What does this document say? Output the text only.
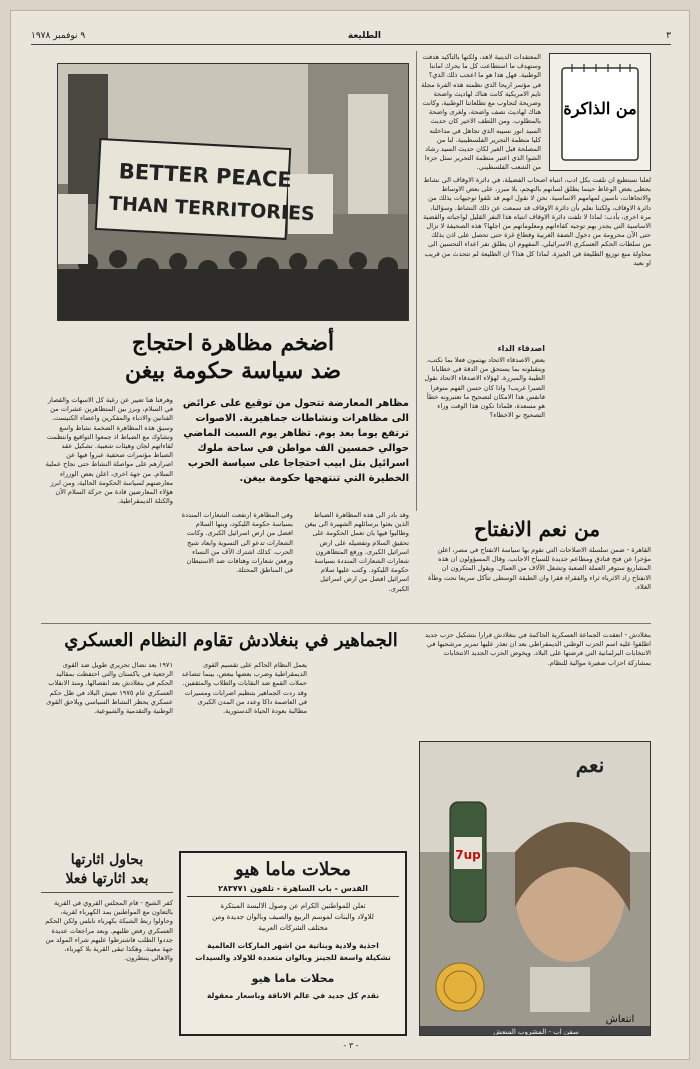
٣
الطليعة
٩ نوفمبر ١٩٧٨
BETTER PEACE
THAN TERRITORIES
من الذاكرة

لعلنا نستطيع ان نلفت بكل ادب، انتباه اصحاب الفضيلة، في دائرة الاوقاف الى نشاط يحظى بعض الوعاظ حينما يطلق لسانهم بالتهجم، بلا مبرر، على بعض الاوساط والاتجاهات، ناسين لمهامهم الاساسية. نحن لا نقول انهم قد تلقوا توجيهات بذلك من دائرة الاوقاف، ولكننا نعلم بأن دائرة الاوقاف قد سمعت عن ذلك النشاط. وسؤالنا، مرة اخرى، بأدب: لماذا لا تلفت دائرة الاوقاف انتباه هذا النفر القليل لواجباته والقضية الاساسية التي يجدر بهم توجيه كفاءاتهم ومعلوماتهم من اجلها؟ هذه الصحيفة لا تزال حتى الآن محرومة من دخول الضفة الغربية وقطاع غزة حتى تحصل على اذن بذلك من سلطات الحكم العسكري الاسرائيلي. المفهوم ان يطلق نفر اعداء التحسين الى محاولة منع توزيع الطليعة في الجيزة. لماذا كل هذا؟ ان الطليعة لم تتحدث من قريب او بعيد

المعتقدات الدينية لاهد، ولكنها بالتأكيد هدفت وستهدف ما استطاعت كل ما يحرك اماننا الوطنية. فهل هذا هو ما اعجب ذلك الذي؟ في مؤتمر اريحا الذي نظمته هذه الفرة مجلة تايم الامريكية كانت هناك لهاديث واضحة وصريحة لتجاوب مع تطلعاتنا الوطنية، وكانت هناك لهاديث نصف واضحة، ولغرى واضحة بالمطلوب. ومن اللطف الاخير كان حديث السيد انور نسيبه الذي تجاهل في مداخلته كليا منظمة التحرير الفلسطينية. لنا من المصلحة قبل الغير لكان حديث السيد رشاد الشوا الذي اعتبر منظمة التحرير تمثل جزءا من الشعب الفلسطيني.

أضخم مظاهرة احتجاج
ضد سياسة حكومة بيغن

مظاهر المعارضة تتحول من توقيع على عرائض الى مظاهرات ونشاطات جماهيرية. الاصوات ترتفع يوما بعد يوم. تظاهر يوم السبت الماضي حوالي خمسين الف مواطن في ساحة ملوك اسرائيل بتل ابيب احتجاجا على سياسة الحرب الخطيرة التي تنتهجها حكومة بيغن.

وهرفنا هنا تعبير عن رغبة كل الاسهات والقصار في السلام، وبرز بين المتظاهرين عشرات من الفنانين والادباء والمفكرين واعضاء الكنيست. وسبق هذه المظاهرة الضخمة نشاط واسع وتشاوك مع الضباط اذ جمعوا التواقيع وانتظمت لقاءاتهم لجان وهيئات شعبية. تشكيل عقد الضباط مؤتمرات صحفية عبروا فيها عن اصرارهم على مواصلة النشاط حتى نجاح عملية السلام. من جهة اخرى، اعلن بعض الوزراء معارضتهم لسياسة الحكومة الحالية، ومن ابرز هؤلاء المعارضين قادة من حركة السلام الآن والكتلة الديمقراطية.

وقد بادر الى هذه المظاهرة الضباط الذين بعثوا برسائلهم الشهيرة الى بيغن وطالبوا فيها بان تعمل الحكومة على تحقيق السلام وتفضيله على ارض اسرائيل الكبرى. ورفع المتظاهرون شعارات الشعارات المنددة بسياسة حكومة الليكود. وكتب عليها سلام اسرائيل افضل من ارض اسرائيل الكبرى.

وفي المظاهرة ارتفعت الشعارات المنددة بسياسة حكومة الليكود، وبنها السلام افضل من ارض اسرائيل الكبرى. وكانت الشعارات تدعو الى التسوية وابعاد شبح الحرب. كذلك اشترك الآف من النساء ورفعن شعارات وهتافات ضد الاستيطان في المناطق المحتلة.

من نعم الانفتاح

القاهرة - ضمن سلسلة الاصلاحات التي تقوم بها سياسة الانفتاح في مصر، اعلن مؤخرا عن فتح فنادق ومطاعم جديدة للسياح الاجانب. وقال المسؤولون ان هذه المشاريع ستوفر العملة الصعبة وتشغل الآلاف من العمال. ويقول المتكرون ان الانفتاح زاد الاثرياء ثراء والفقراء فقرا وان الطبقة الوسطى تتآكل سريعا تحت وطأة الغلاء.

اصدقاء الداء

بعض الاصدقاء الاتحاد يهتمون فعلا بما نكتب، ويتقبلونه بما يستحق من الدقة في خطايانا الطيبة والمبررة. لهؤلاء الاصدقاء الاتحاد نقول الصبرا غريب! واذا كان حسن الفهم متوفرا فانفس هذا الامكان لتصحيح ما تعتبرونه خطأ هو مسعدة، فلماذا تكون هذا الوقت وراء التصحيح نو الاخطاء؟

الجماهير في بنغلادش تقاوم النظام العسكري	بنغلادش - انعقدت الجماعة العسكرية الحاكمة في بنغلادش قرارا بتشكيل حزب جديد اطلقوا عليه اسم الحزب الوطني الديمقراطي بعد ان تعذر عليها تمرير مرشحيها في الانتخابات البرلمانية التي فرضتها على البلاد. ويخوض الحزب الجديد الانتخابات بمشاركة احزاب صغيرة موالية للنظام.

يعمل النظام الحاكم على تقسيم القوى الديمقراطية وضرب بعضها ببعض، بينما تتصاعد حملات القمع ضد النقابات والطلاب والمثقفين. وقد ردت الجماهير بتنظيم اضرابات ومسيرات في العاصمة داكا وعدد من المدن الكبرى مطالبة بعودة الحياة الدستورية.

١٩٧١ بعد نضال تحريري طويل ضد القوى الرجعية في باكستان والتي احتفظت بمقاليد الحكم في بنغلادش بعد انفصالها. ومنذ الانقلاب العسكري عام ١٩٧٥ تعيش البلاد في ظل حكم عسكري يحظر النشاط السياسي ويلاحق القوى الوطنية والتقدمية والشيوعية.

بحاول اثارتها
بعد اثارتها فعلا

كفر الشيخ - قام المجلس القروي في القرية بالتعاون مع المواطنين بمد الكهرباء لقرية، وحاولوا ربط الشبكة بكهرباء نابلس ولكن الحكم العسكري رفض طلبهم. وبعد مراجعات عديدة جددوا الطلب فاشترطوا عليهم شراء المولد من جهة معينة. وهكذا تبقى القرية بلا كهرباء، والاهالي ينتظرون.

محلات ماما هيو
القدس - باب الساهرة - تلفون ٢٨٣٧٧١
تعلن للمواطنين الكرام عن وصول الالبسة المبتكرة
للاولاد والبنات لموسم الربيع والصيف وبالوان جديدة ومن
مختلف الشركات العربية
احذية ولادية وبناتية من اشهر الماركات العالمية
تشكيلة واسعة للجينز وبالوان متعددة للاولاد والسيدات
محلات ماما هيو
نقدم كل جديد في عالم الاناقة وباسعار معقولة
7up
نعم
انتعاش
سفن اب - المشروب المنعش
- ٣ -
